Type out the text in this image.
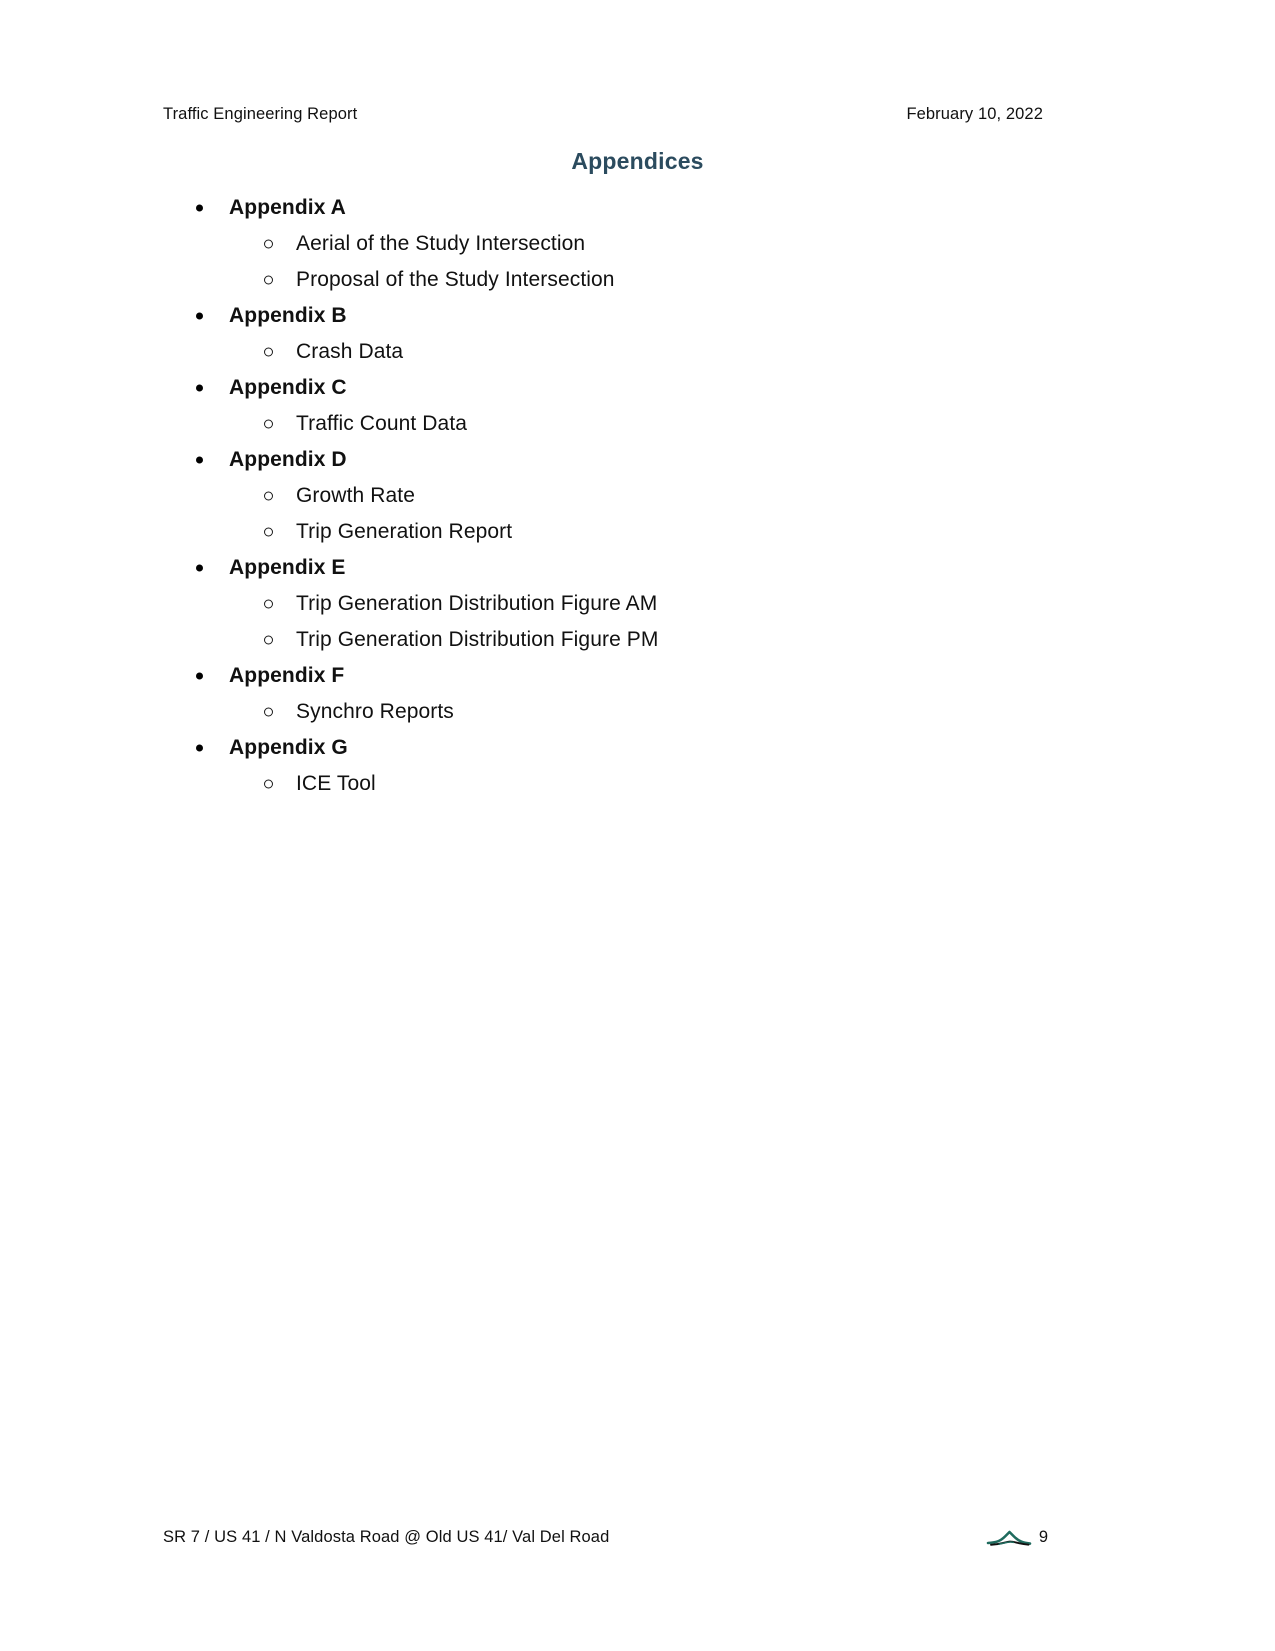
Traffic Engineering Report	February 10, 2022
Appendices
Appendix A
Aerial of the Study Intersection
Proposal of the Study Intersection
Appendix B
Crash Data
Appendix C
Traffic Count Data
Appendix D
Growth Rate
Trip Generation Report
Appendix E
Trip Generation Distribution Figure AM
Trip Generation Distribution Figure PM
Appendix F
Synchro Reports
Appendix G
ICE Tool
SR 7 / US 41 / N Valdosta Road @ Old US 41/ Val Del Road	9
